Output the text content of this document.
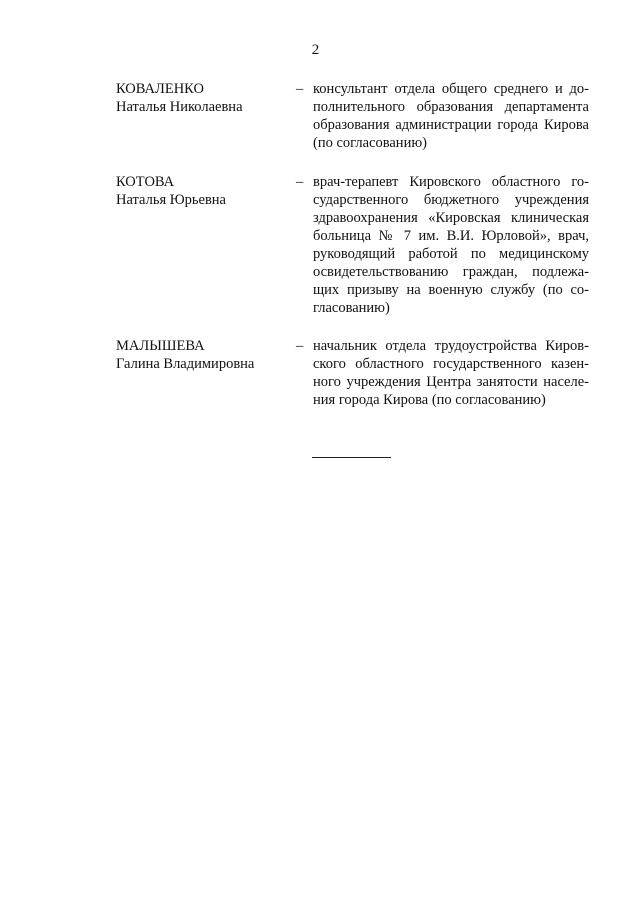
2
КОВАЛЕНКО
Наталья Николаевна
– консультант отдела общего среднего и до-
полнительного образования департамента
образования администрации города Кирова
(по согласованию)
КОТОВА
Наталья Юрьевна
– врач-терапевт Кировского областного го-
сударственного бюджетного учреждения
здравоохранения «Кировская клиническая
больница № 7 им. В.И. Юрловой», врач,
руководящий работой по медицинскому
освидетельствованию граждан, подлежа-
щих призыву на военную службу (по со-
гласованию)
МАЛЫШЕВА
Галина Владимировна
– начальник отдела трудоустройства Киров-
ского областного государственного казен-
ного учреждения Центра занятости населе-
ния города Кирова (по согласованию)
